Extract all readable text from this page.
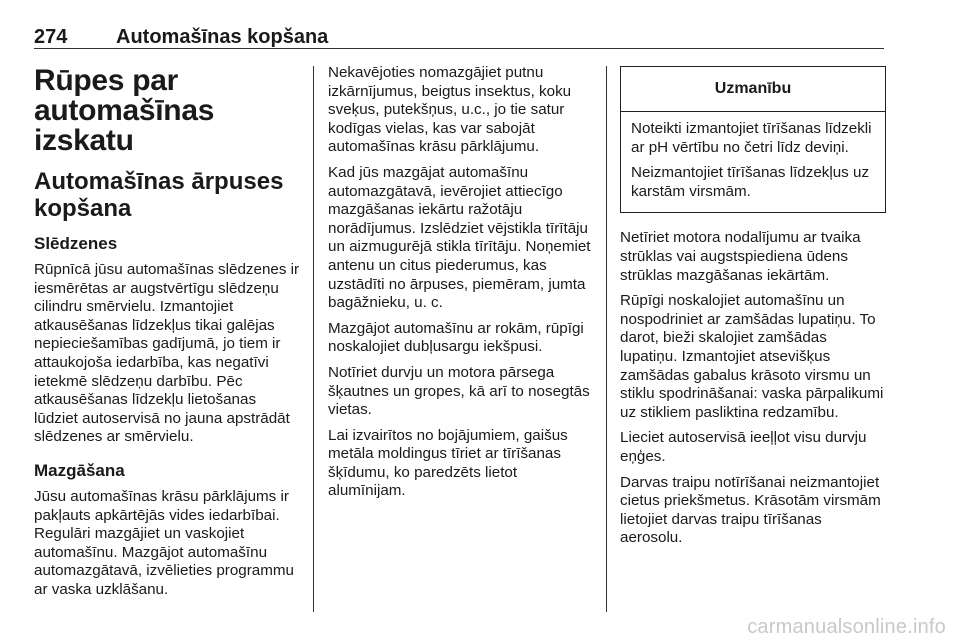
274 Automašīnas kopšana
Rūpes par automašīnas izskatu
Automašīnas ārpuses kopšana
Slēdzenes

Rūpnīcā jūsu automašīnas slēdzenes ir iesmērētas ar augstvērtīgu slēdzeņu cilindru smērvielu. Izmantojiet atkausēšanas līdzekļus tikai galējas nepieciešamības gadījumā, jo tiem ir attaukojoša iedarbība, kas negatīvi ietekmē slēdzeņu darbību. Pēc atkausēšanas līdzekļu lietošanas lūdziet autoservisā no jauna apstrādāt slēdzenes ar smērvielu.

Mazgāšana

Jūsu automašīnas krāsu pārklājums ir pakļauts apkārtējās vides iedarbībai. Regulāri mazgājiet un vaskojiet automašīnu. Mazgājot automašīnu automazgātavā, izvēlieties programmu ar vaska uzklāšanu.

Nekavējoties nomazgājiet putnu izkārnījumus, beigtus insektus, koku sveķus, putekšņus, u.c., jo tie satur kodīgas vielas, kas var sabojāt automašīnas krāsu pārklājumu.

Kad jūs mazgājat automašīnu automazgātavā, ievērojiet attiecīgo mazgāšanas iekārtu ražotāju norādījumus. Izslēdziet vējstikla tīrītāju un aizmugurējā stikla tīrītāju. Noņemiet antenu un citus piederumus, kas uzstādīti no ārpuses, piemēram, jumta bagāžnieku, u. c.

Mazgājot automašīnu ar rokām, rūpīgi noskalojiet dubļusargu iekšpusi.

Notīriet durvju un motora pārsega šķautnes un gropes, kā arī to nosegtās vietas.

Lai izvairītos no bojājumiem, gaišus metāla moldingus tīriet ar tīrīšanas šķīdumu, ko paredzēts lietot alumīnijam.

Uzmanību

Noteikti izmantojiet tīrīšanas līdzekli ar pH vērtību no četri līdz deviņi.

Neizmantojiet tīrīšanas līdzekļus uz karstām virsmām.

Netīriet motora nodalījumu ar tvaika strūklas vai augstspiediena ūdens strūklas mazgāšanas iekārtām.

Rūpīgi noskalojiet automašīnu un nospodriniet ar zamšādas lupatiņu. To darot, bieži skalojiet zamšādas lupatiņu. Izmantojiet atsevišķus zamšādas gabalus krāsoto virsmu un stiklu spodrināšanai: vaska pārpalikumi uz stikliem pasliktina redzamību.

Lieciet autoservisā ieeļļot visu durvju eņģes.

Darvas traipu notīrīšanai neizmantojiet cietus priekšmetus. Krāsotām virsmām lietojiet darvas traipu tīrīšanas aerosolu.

carmanualsonline.info
